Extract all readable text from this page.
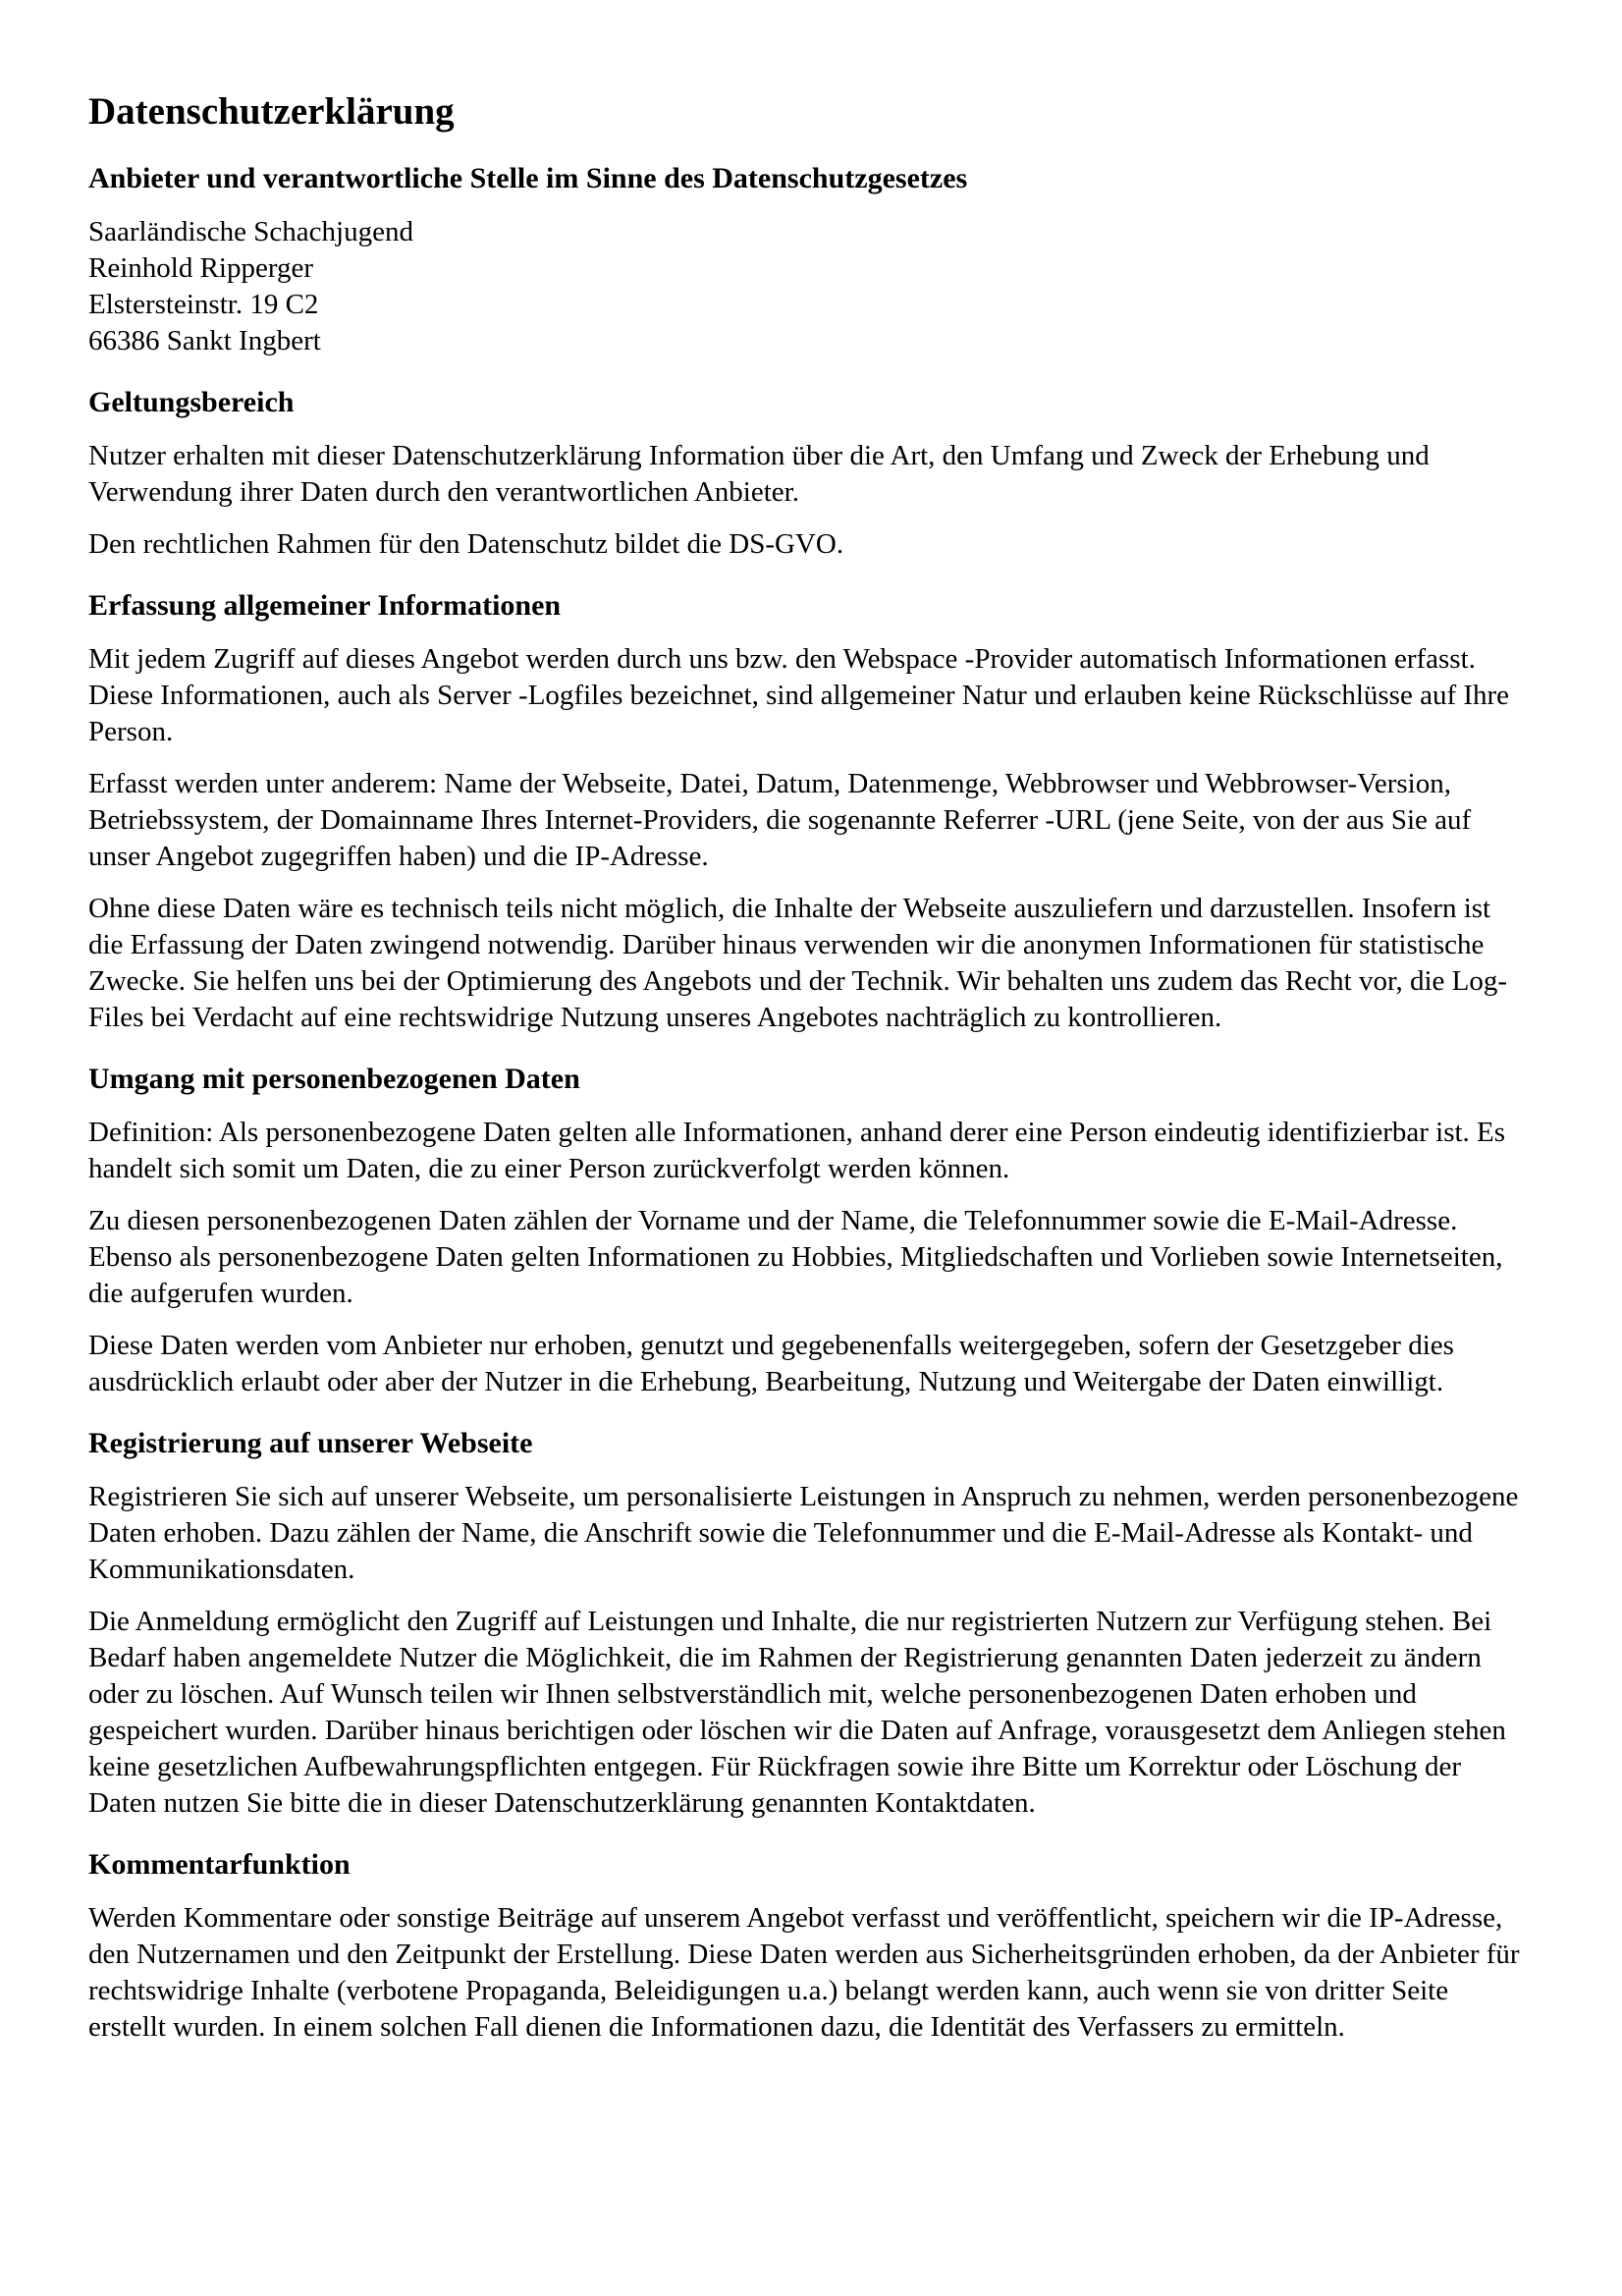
Datenschutzerklärung
Anbieter und verantwortliche Stelle im Sinne des Datenschutzgesetzes

Saarländische Schachjugend
Reinhold Ripperger
Elstersteinstr. 19 C2
66386 Sankt Ingbert

Geltungsbereich

Nutzer erhalten mit dieser Datenschutzerklärung Information über die Art, den Umfang und Zweck der Erhebung und Verwendung ihrer Daten durch den verantwortlichen Anbieter.

Den rechtlichen Rahmen für den Datenschutz bildet die DS-GVO.

Erfassung allgemeiner Informationen

Mit jedem Zugriff auf dieses Angebot werden durch uns bzw. den Webspace -Provider automatisch Informationen erfasst. Diese Informationen, auch als Server -Logfiles bezeichnet, sind allgemeiner Natur und erlauben keine Rückschlüsse auf Ihre Person.

Erfasst werden unter anderem: Name der Webseite, Datei, Datum, Datenmenge, Webbrowser und Webbrowser-Version, Betriebssystem, der Domainname Ihres Internet-Providers, die sogenannte Referrer -URL (jene Seite, von der aus Sie auf unser Angebot zugegriffen haben) und die IP-Adresse.

Ohne diese Daten wäre es technisch teils nicht möglich, die Inhalte der Webseite auszuliefern und darzustellen. Insofern ist die Erfassung der Daten zwingend notwendig. Darüber hinaus verwenden wir die anonymen Informationen für statistische Zwecke. Sie helfen uns bei der Optimierung des Angebots und der Technik. Wir behalten uns zudem das Recht vor, die Log-Files bei Verdacht auf eine rechtswidrige Nutzung unseres Angebotes nachträglich zu kontrollieren.

Umgang mit personenbezogenen Daten

Definition: Als personenbezogene Daten gelten alle Informationen, anhand derer eine Person eindeutig identifizierbar ist. Es handelt sich somit um Daten, die zu einer Person zurückverfolgt werden können.

Zu diesen personenbezogenen Daten zählen der Vorname und der Name, die Telefonnummer sowie die E-Mail-Adresse. Ebenso als personenbezogene Daten gelten Informationen zu Hobbies, Mitgliedschaften und Vorlieben sowie Internetseiten, die aufgerufen wurden.

Diese Daten werden vom Anbieter nur erhoben, genutzt und gegebenenfalls weitergegeben, sofern der Gesetzgeber dies ausdrücklich erlaubt oder aber der Nutzer in die Erhebung, Bearbeitung, Nutzung und Weitergabe der Daten einwilligt.

Registrierung auf unserer Webseite

Registrieren Sie sich auf unserer Webseite, um personalisierte Leistungen in Anspruch zu nehmen, werden personenbezogene Daten erhoben. Dazu zählen der Name, die Anschrift sowie die Telefonnummer und die E-Mail-Adresse als Kontakt- und Kommunikationsdaten.

Die Anmeldung ermöglicht den Zugriff auf Leistungen und Inhalte, die nur registrierten Nutzern zur Verfügung stehen. Bei Bedarf haben angemeldete Nutzer die Möglichkeit, die im Rahmen der Registrierung genannten Daten jederzeit zu ändern oder zu löschen. Auf Wunsch teilen wir Ihnen selbstverständlich mit, welche personenbezogenen Daten erhoben und gespeichert wurden. Darüber hinaus berichtigen oder löschen wir die Daten auf Anfrage, vorausgesetzt dem Anliegen stehen keine gesetzlichen Aufbewahrungspflichten entgegen. Für Rückfragen sowie ihre Bitte um Korrektur oder Löschung der Daten nutzen Sie bitte die in dieser Datenschutzerklärung genannten Kontaktdaten.

Kommentarfunktion

Werden Kommentare oder sonstige Beiträge auf unserem Angebot verfasst und veröffentlicht, speichern wir die IP-Adresse, den Nutzernamen und den Zeitpunkt der Erstellung. Diese Daten werden aus Sicherheitsgründen erhoben, da der Anbieter für rechtswidrige Inhalte (verbotene Propaganda, Beleidigungen u.a.) belangt werden kann, auch wenn sie von dritter Seite erstellt wurden. In einem solchen Fall dienen die Informationen dazu, die Identität des Verfassers zu ermitteln.
